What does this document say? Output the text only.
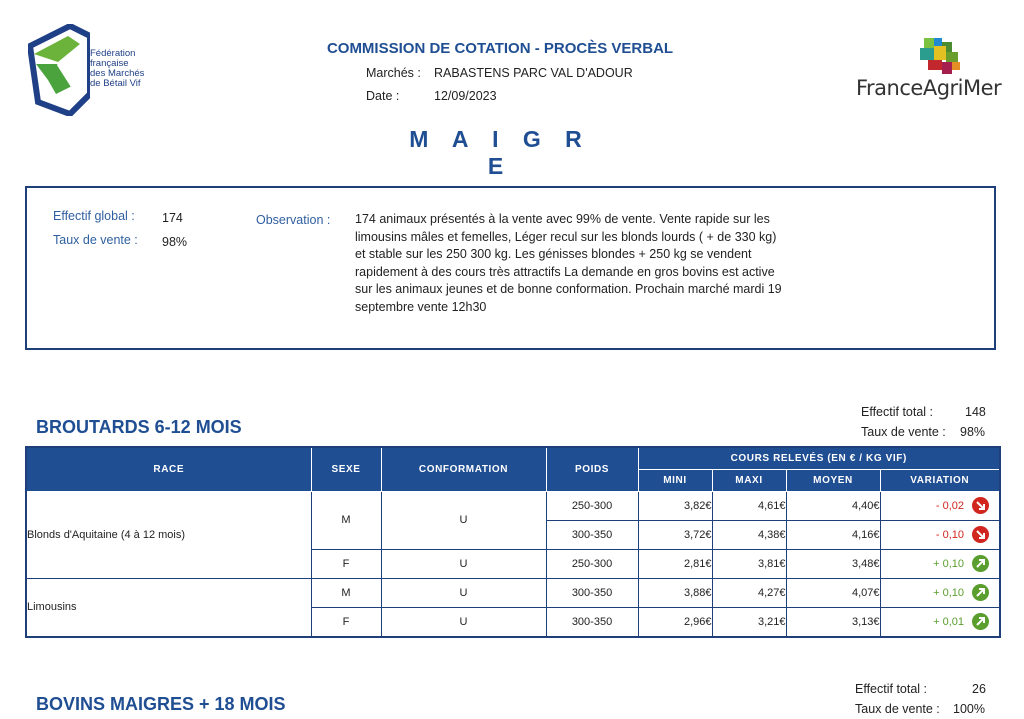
Fédération
française
des Marchés
de Bétail Vif
COMMISSION DE COTATION - PROCÈS VERBAL
Marchés : RABASTENS PARC VAL D'ADOUR
Date :	12/09/2023
M A I G R E
FranceAgriMer
Effectif global : 174
Taux de vente : 98%
Observation : 174 animaux présentés à la vente avec 99% de vente. Vente rapide sur les limousins mâles et femelles, Léger recul sur les blonds lourds ( + de 330 kg) et stable sur les 250 300 kg. Les génisses blondes + 250 kg se vendent rapidement à des cours très attractifs La demande en gros bovins est active sur les animaux jeunes et de bonne conformation. Prochain marché mardi 19 septembre vente 12h30
BROUTARDS 6-12 MOIS
Effectif total :	148
Taux de vente : 98%
RACE	SEXE	CONFORMATION	POIDS	COURS RELEVÉS (EN € / KG VIF)			
				MINI	MAXI	MOYEN	VARIATION
Blonds d'Aquitaine (4 à 12 mois)	M	U	250-300	3,82€	4,61€	4,40€	- 0,02

			300-350	3,72€	4,38€	4,16€	- 0,10

	F	U	250-300	2,81€	3,81€	3,48€	+ 0,10

Limousins	M	U	300-350	3,88€	4,27€	4,07€	+ 0,10

	F	U	300-350	2,96€	3,21€	3,13€	+ 0,01
BOVINS MAIGRES + 18 MOIS
Effectif total :	26
Taux de vente : 100%
